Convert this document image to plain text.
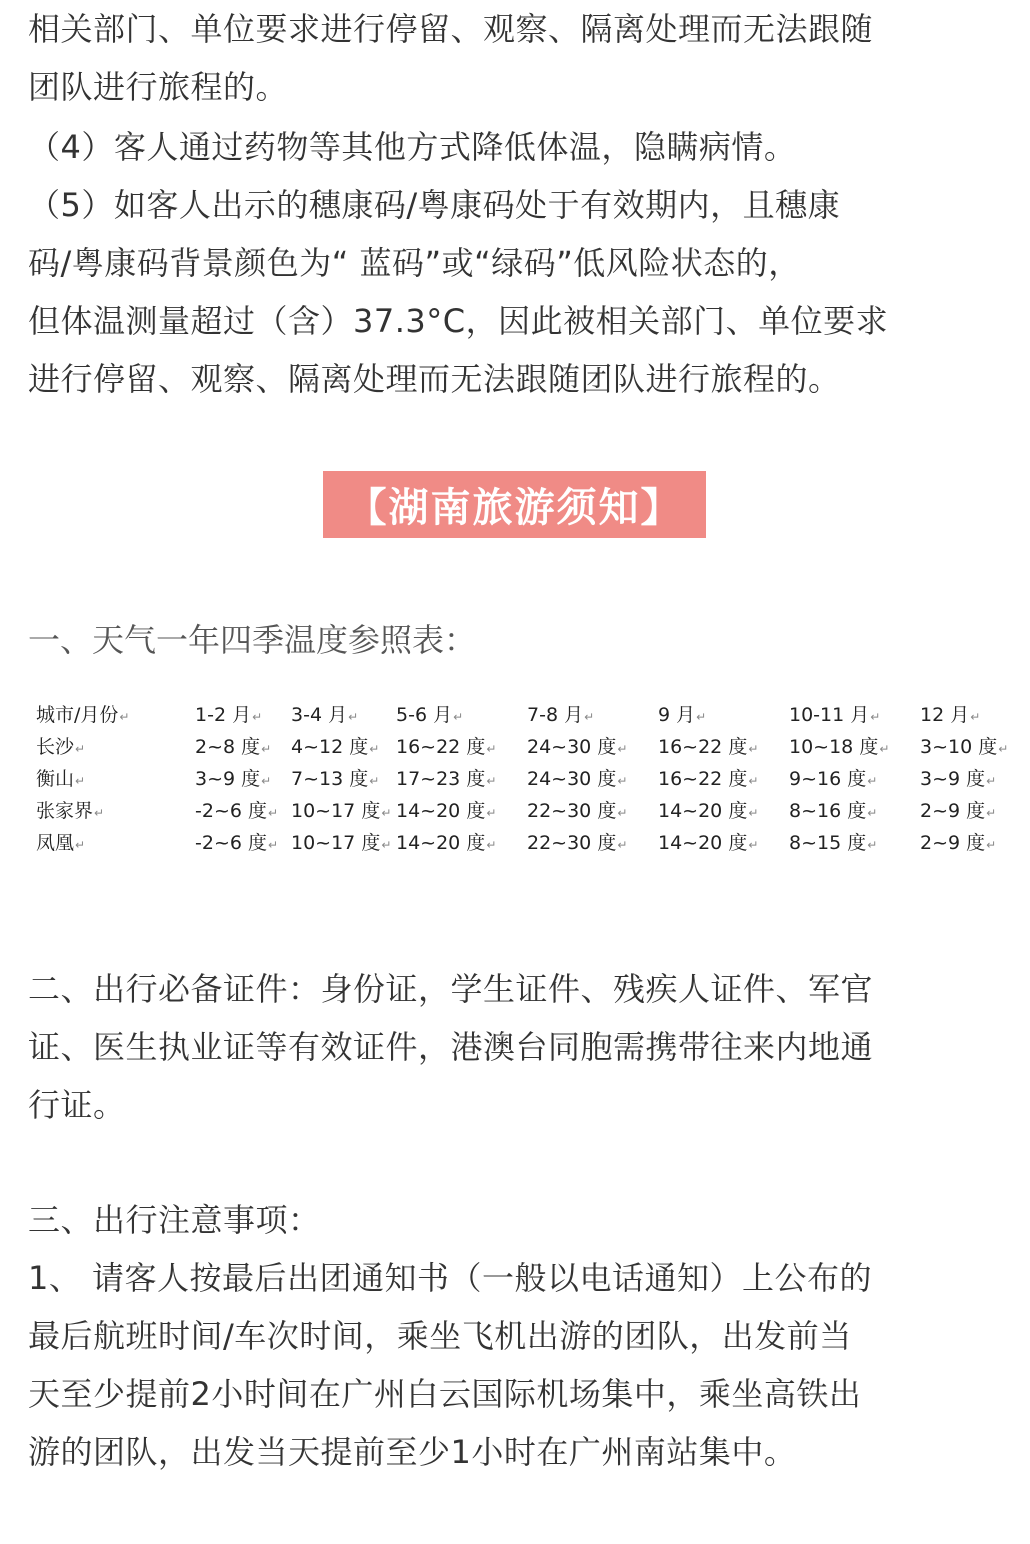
相关部门、单位要求进行停留、观察、隔离处理而无法跟随
团队进行旅程的。
（4）客人通过药物等其他方式降低体温，隐瞒病情。
（5）如客人出示的穗康码/粤康码处于有效期内，且穗康
码/粤康码背景颜色为“ 蓝码”或“绿码”低风险状态的，
但体温测量超过（含）37.3°C，因此被相关部门、单位要求
进行停留、观察、隔离处理而无法跟随团队进行旅程的。
【湖南旅游须知】
一、天气一年四季温度参照表：
城市/月份↵	1-2 月↵	3-4 月↵	5-6 月↵	7-8 月↵	9 月↵	10-11 月↵	12 月↵
长沙↵	2~8 度↵	4~12 度↵	16~22 度↵	24~30 度↵	16~22 度↵	10~18 度↵	3~10 度↵
衡山↵	3~9 度↵	7~13 度↵	17~23 度↵	24~30 度↵	16~22 度↵	9~16 度↵	3~9 度↵
张家界↵	-2~6 度↵	10~17 度↵	14~20 度↵	22~30 度↵	14~20 度↵	8~16 度↵	2~9 度↵
凤凰↵	-2~6 度↵	10~17 度↵	14~20 度↵	22~30 度↵	14~20 度↵	8~15 度↵	2~9 度↵
二、出行必备证件：身份证，学生证件、残疾人证件、军官
证、医生执业证等有效证件，港澳台同胞需携带往来内地通
行证。
三、出行注意事项：
1、 请客人按最后出团通知书（一般以电话通知）上公布的
最后航班时间/车次时间，乘坐飞机出游的团队，出发前当
天至少提前2小时间在广州白云国际机场集中，乘坐高铁出
游的团队，出发当天提前至少1小时在广州南站集中。
